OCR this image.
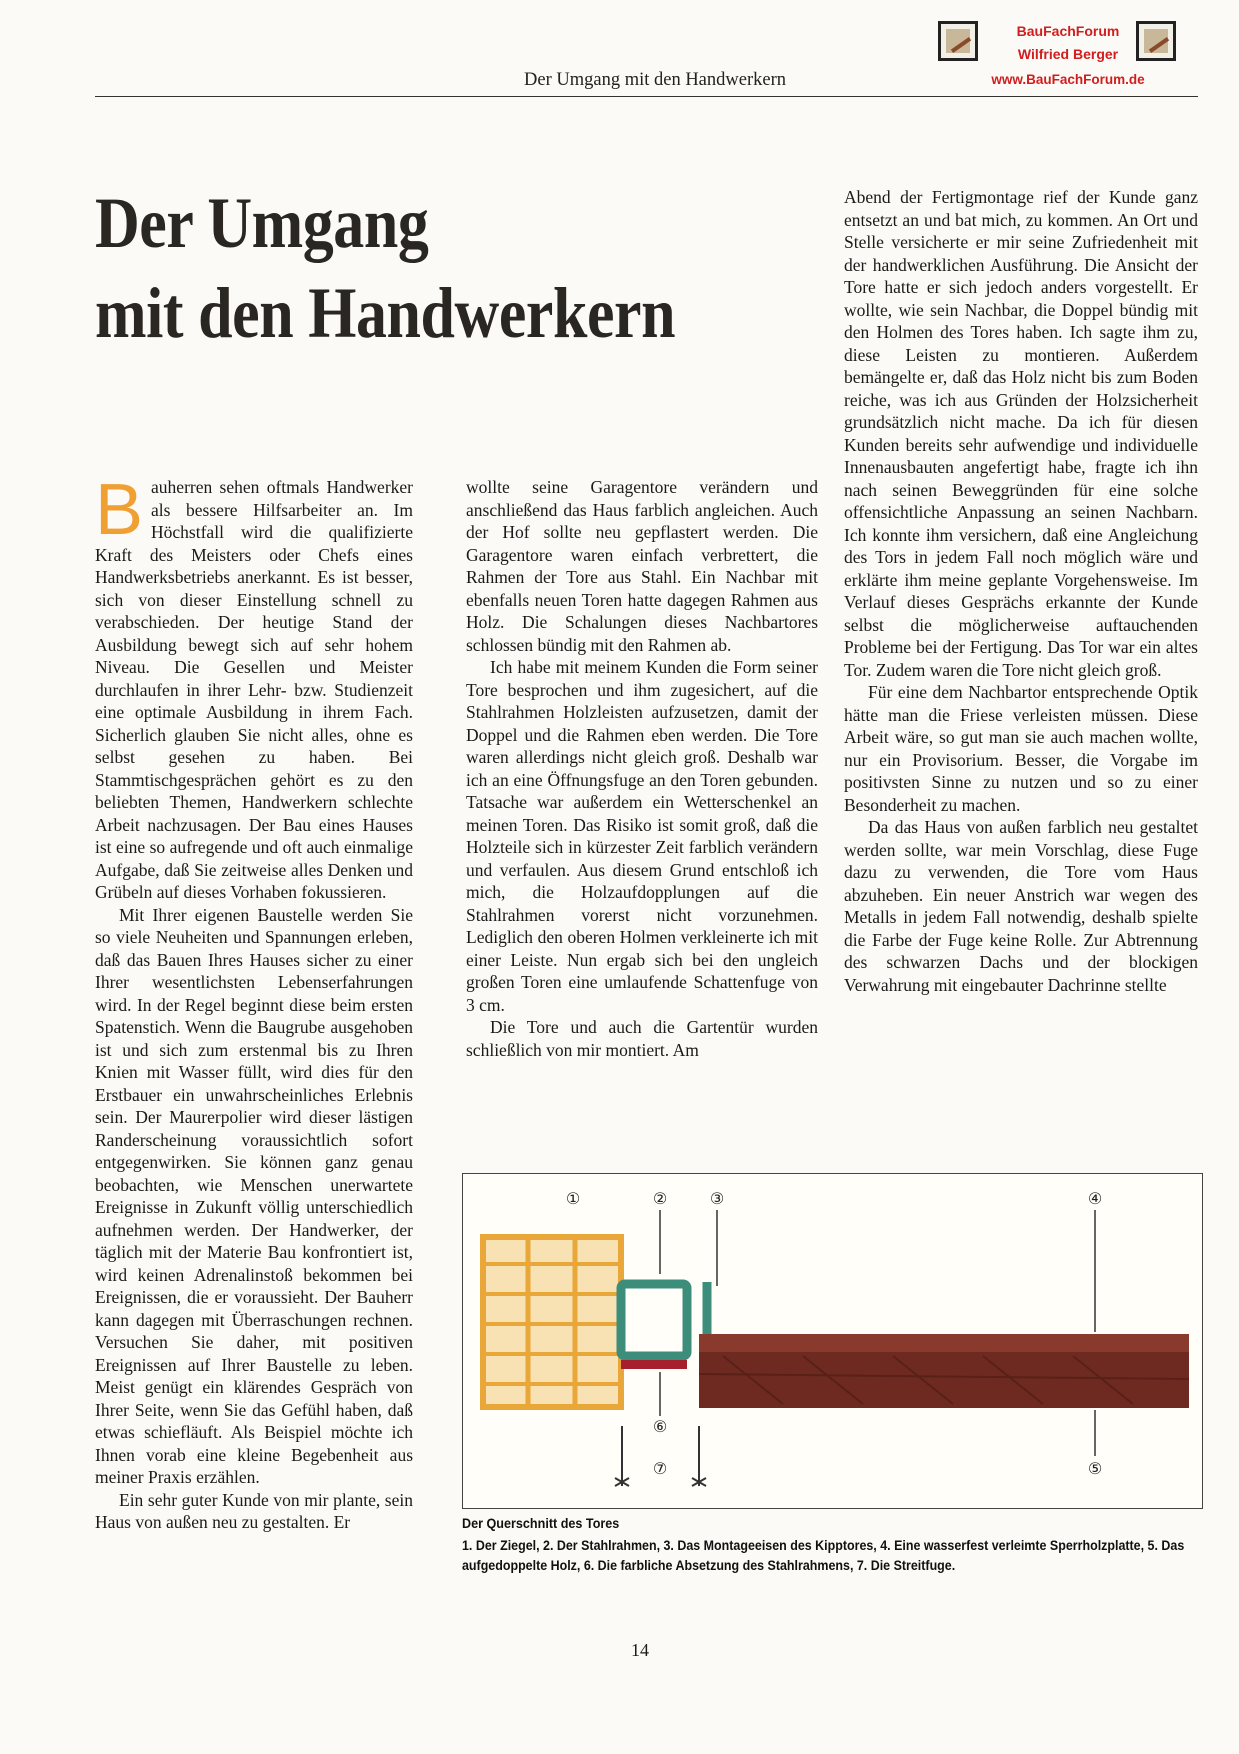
Der Umgang mit den Handwerkern
BauFachForum
Wilfried Berger
www.BauFachForum.de
Der Umgang
mit den Handwerkern

Bauherren sehen oftmals Handwerker als bessere Hilfsarbeiter an. Im Höchstfall wird die qualifizierte Kraft des Meisters oder Chefs eines Handwerksbetriebs anerkannt. Es ist besser, sich von dieser Einstellung schnell zu verabschieden. Der heutige Stand der Ausbildung bewegt sich auf sehr hohem Niveau. Die Gesellen und Meister durchlaufen in ihrer Lehr- bzw. Studienzeit eine optimale Ausbildung in ihrem Fach. Sicherlich glauben Sie nicht alles, ohne es selbst gesehen zu haben. Bei Stammtischgesprächen gehört es zu den beliebten Themen, Handwerkern schlechte Arbeit nachzusagen. Der Bau eines Hauses ist eine so aufregende und oft auch einmalige Aufgabe, daß Sie zeitweise alles Denken und Grübeln auf dieses Vorhaben fokussieren.

Mit Ihrer eigenen Baustelle werden Sie so viele Neuheiten und Spannungen erleben, daß das Bauen Ihres Hauses sicher zu einer Ihrer wesentlichsten Lebenserfahrungen wird. In der Regel beginnt diese beim ersten Spatenstich. Wenn die Baugrube ausgehoben ist und sich zum erstenmal bis zu Ihren Knien mit Wasser füllt, wird dies für den Erstbauer ein unwahrscheinliches Erlebnis sein. Der Maurerpolier wird dieser lästigen Randerscheinung voraussichtlich sofort entgegenwirken. Sie können ganz genau beobachten, wie Menschen unerwartete Ereignisse in Zukunft völlig unterschiedlich aufnehmen werden. Der Handwerker, der täglich mit der Materie Bau konfrontiert ist, wird keinen Adrenalinstoß bekommen bei Ereignissen, die er voraussieht. Der Bauherr kann dagegen mit Überraschungen rechnen. Versuchen Sie daher, mit positiven Ereignissen auf Ihrer Baustelle zu leben. Meist genügt ein klärendes Gespräch von Ihrer Seite, wenn Sie das Gefühl haben, daß etwas schiefläuft. Als Beispiel möchte ich Ihnen vorab eine kleine Begebenheit aus meiner Praxis erzählen.

Ein sehr guter Kunde von mir plante, sein Haus von außen neu zu gestalten. Er

wollte seine Garagentore verändern und anschließend das Haus farblich angleichen. Auch der Hof sollte neu gepflastert werden. Die Garagentore waren einfach verbrettert, die Rahmen der Tore aus Stahl. Ein Nachbar mit ebenfalls neuen Toren hatte dagegen Rahmen aus Holz. Die Schalungen dieses Nachbartores schlossen bündig mit den Rahmen ab.

Ich habe mit meinem Kunden die Form seiner Tore besprochen und ihm zugesichert, auf die Stahlrahmen Holzleisten aufzusetzen, damit der Doppel und die Rahmen eben werden. Die Tore waren allerdings nicht gleich groß. Deshalb war ich an eine Öffnungsfuge an den Toren gebunden. Tatsache war außerdem ein Wetterschenkel an meinen Toren. Das Risiko ist somit groß, daß die Holzteile sich in kürzester Zeit farblich verändern und verfaulen. Aus diesem Grund entschloß ich mich, die Holzaufdopplungen auf die Stahlrahmen vorerst nicht vorzunehmen. Lediglich den oberen Holmen verkleinerte ich mit einer Leiste. Nun ergab sich bei den ungleich großen Toren eine umlaufende Schattenfuge von 3 cm.

Die Tore und auch die Gartentür wurden schließlich von mir montiert. Am

Abend der Fertigmontage rief der Kunde ganz entsetzt an und bat mich, zu kommen. An Ort und Stelle versicherte er mir seine Zufriedenheit mit der handwerklichen Ausführung. Die Ansicht der Tore hatte er sich jedoch anders vorgestellt. Er wollte, wie sein Nachbar, die Doppel bündig mit den Holmen des Tores haben. Ich sagte ihm zu, diese Leisten zu montieren. Außerdem bemängelte er, daß das Holz nicht bis zum Boden reiche, was ich aus Gründen der Holzsicherheit grundsätzlich nicht mache. Da ich für diesen Kunden bereits sehr aufwendige und individuelle Innenausbauten angefertigt habe, fragte ich ihn nach seinen Beweggründen für eine solche offensichtliche Anpassung an seinen Nachbarn. Ich konnte ihm versichern, daß eine Angleichung des Tors in jedem Fall noch möglich wäre und erklärte ihm meine geplante Vorgehensweise. Im Verlauf dieses Gesprächs erkannte der Kunde selbst die möglicherweise auftauchenden Probleme bei der Fertigung. Das Tor war ein altes Tor. Zudem waren die Tore nicht gleich groß.

Für eine dem Nachbartor entsprechende Optik hätte man die Friese verleisten müssen. Diese Arbeit wäre, so gut man sie auch machen wollte, nur ein Provisorium. Besser, die Vorgabe im positivsten Sinne zu nutzen und so zu einer Besonderheit zu machen.

Da das Haus von außen farblich neu gestaltet werden sollte, war mein Vorschlag, diese Fuge dazu zu verwenden, die Tore vom Haus abzuheben. Ein neuer Anstrich war wegen des Metalls in jedem Fall notwendig, deshalb spielte die Farbe der Fuge keine Rolle. Zur Abtrennung des schwarzen Dachs und der blockigen Verwahrung mit eingebauter Dachrinne stellte

①	②	③	④
⑤
⑥
⑦
Der Querschnitt des Tores
1. Der Ziegel, 2. Der Stahlrahmen, 3. Das Montageeisen des Kipptores, 4. Eine wasserfest verleimte Sperrholzplatte, 5. Das aufgedoppelte Holz, 6. Die farbliche Absetzung des Stahlrahmens, 7. Die Streitfuge.
14
